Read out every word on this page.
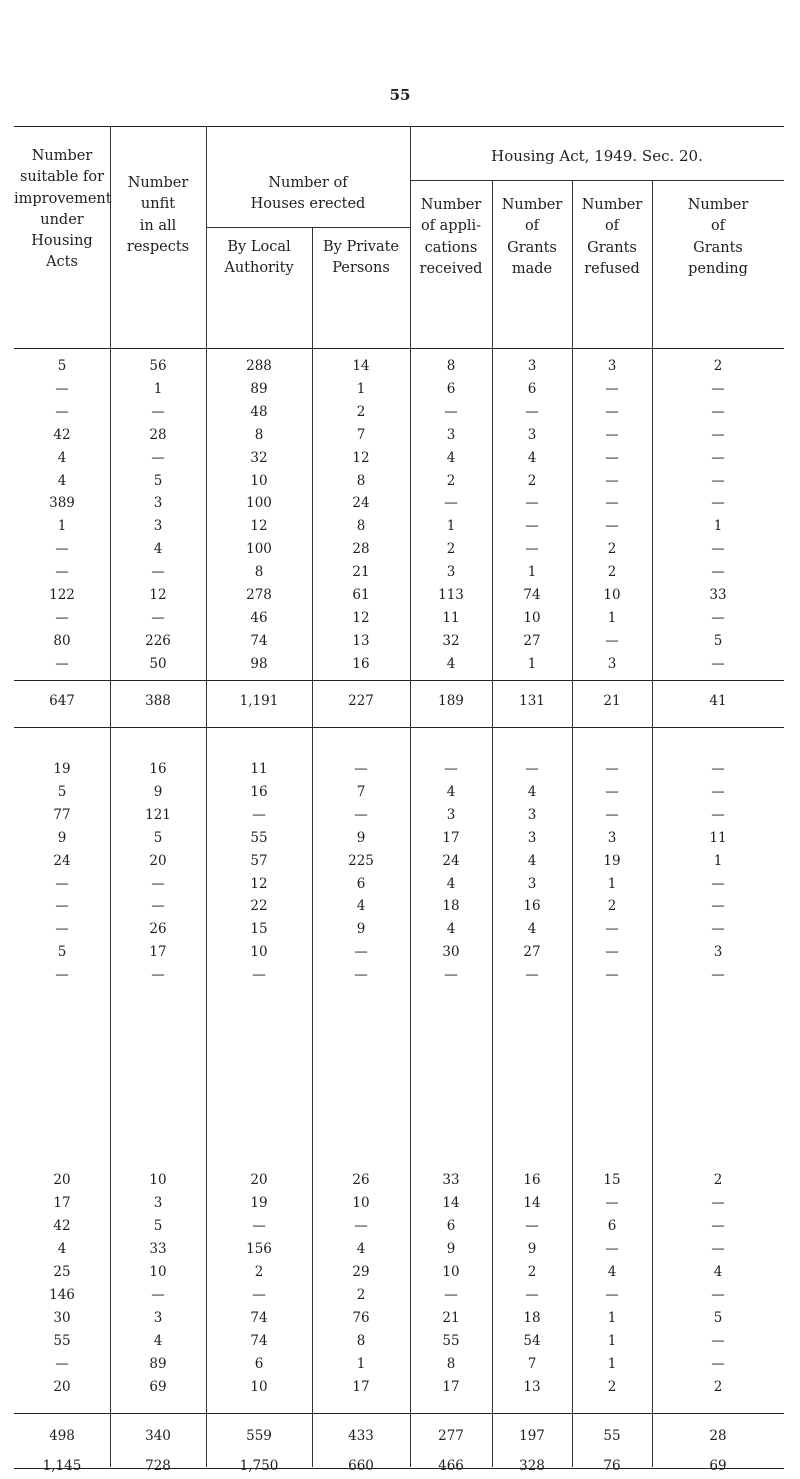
55
Number
suitable for
improvement
under
Housing
Acts
Number
unfit
in all
respects
Number of
Houses erected
By Local
Authority
By Private
Persons
Housing Act, 1949. Sec. 20.
Number
of appli-
cations
received
Number
of
Grants
made
Number
of
Grants
refused
Number
of
Grants
pending
5	56	288	14	8	3	3	2
—	1	89	1	6	6	—	—
—	—	48	2	—	—	—	—
42	28	8	7	3	3	—	—
4	—	32	12	4	4	—	—
4	5	10	8	2	2	—	—
389	3	100	24	—	—	—	—
1	3	12	8	1	—	—	1
—	4	100	28	2	—	2	—
—	—	8	21	3	1	2	—
122	12	278	61	113	74	10	33
—	—	46	12	11	10	1	—
80	226	74	13	32	27	—	5
—	50	98	16	4	1	3	—
647	388	1,191	227	189	131	21	41
19	16	11	—	—	—	—	—
5	9	16	7	4	4	—	—
77	121	—	—	3	3	—	—
9	5	55	9	17	3	3	11
24	20	57	225	24	4	19	1
—	—	12	6	4	3	1	—
—	—	22	4	18	16	2	—
—	26	15	9	4	4	—	—
5	17	10	—	30	27	—	3
—	—	—	—	—	—	—	—
20	10	20	26	33	16	15	2
17	3	19	10	14	14	—	—
42	5	—	—	6	—	6	—
4	33	156	4	9	9	—	—
25	10	2	29	10	2	4	4
146	—	—	2	—	—	—	—
30	3	74	76	21	18	1	5
55	4	74	8	55	54	1	—
—	89	6	1	8	7	1	—
20	69	10	17	17	13	2	2
498	340	559	433	277	197	55	28
1,145	728	1,750	660	466	328	76	69
